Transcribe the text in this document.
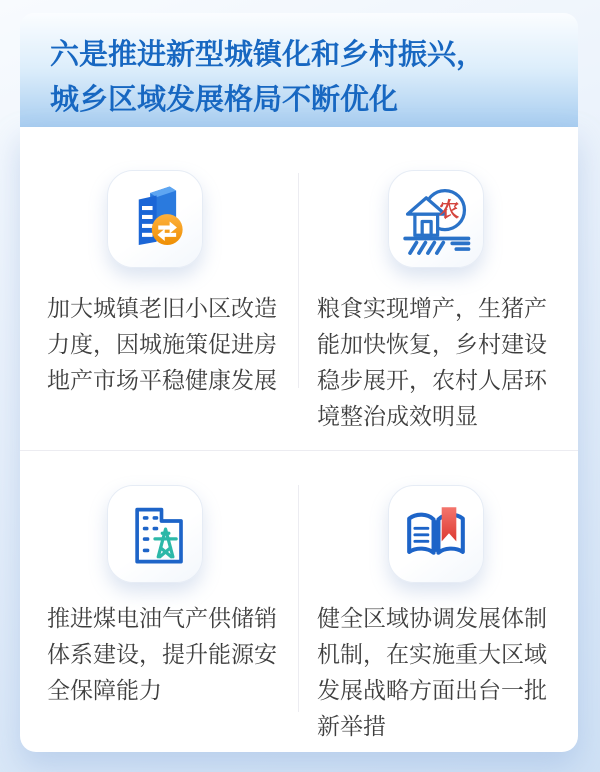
六是推进新型城镇化和乡村振兴，
城乡区域发展格局不断优化
加大城镇老旧小区改造力度，因城施策促进房地产市场平稳健康发展
农
粮食实现增产，生猪产能加快恢复，乡村建设稳步展开，农村人居环境整治成效明显
推进煤电油气产供储销体系建设，提升能源安全保障能力
健全区域协调发展体制机制，在实施重大区域发展战略方面出台一批新举措
